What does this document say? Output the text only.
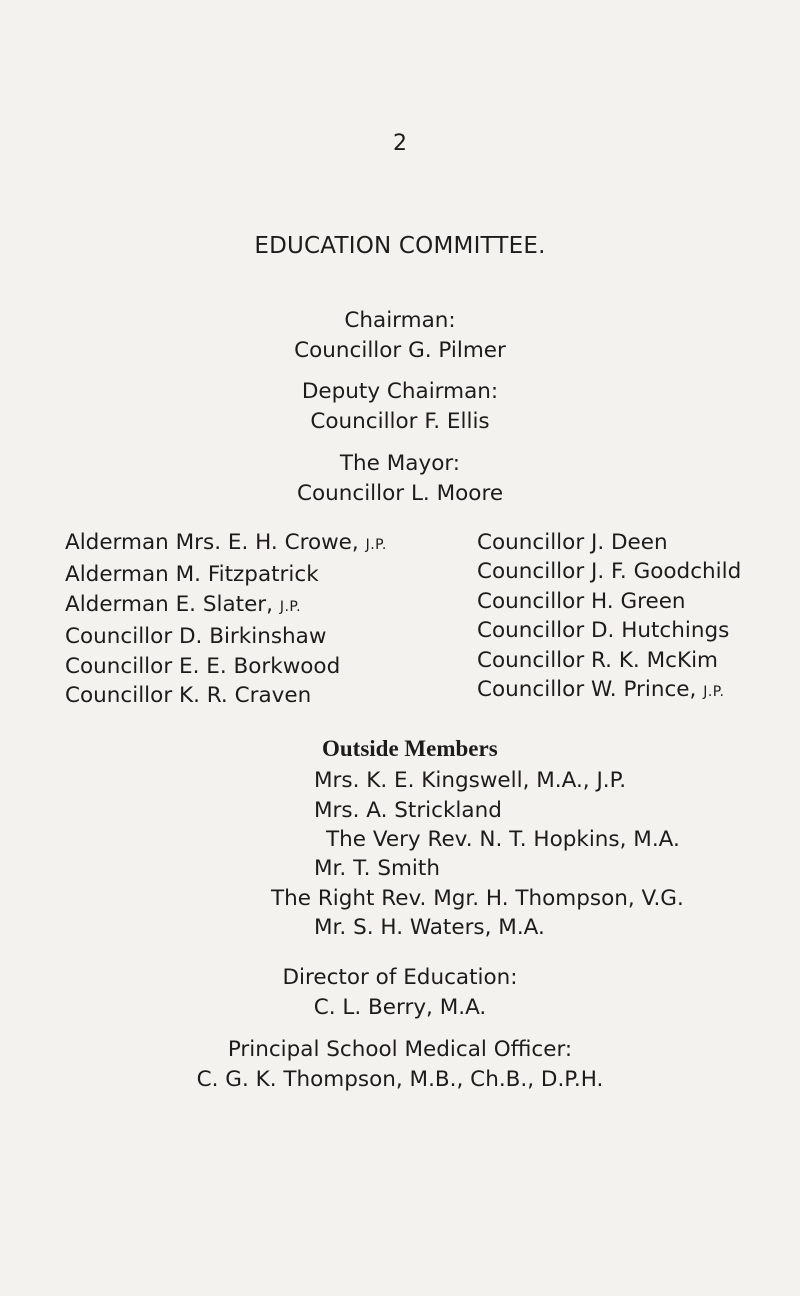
2

EDUCATION COMMITTEE.

Chairman:

Councillor G. Pilmer

Deputy Chairman:

Councillor F. Ellis

The Mayor:

Councillor L. Moore

Alderman Mrs. E. H. Crowe, J.P.
Alderman M. Fitzpatrick
Alderman E. Slater, J.P.
Councillor D. Birkinshaw
Councillor E. E. Borkwood
Councillor K. R. Craven
Councillor J. Deen
Councillor J. F. Goodchild
Councillor H. Green
Councillor D. Hutchings
Councillor R. K. McKim
Councillor W. Prince, J.P.
Outside Members
Mrs. K. E. Kingswell, M.A., J.P.
Mrs. A. Strickland
The Very Rev. N. T. Hopkins, M.A.
Mr. T. Smith
The Right Rev. Mgr. H. Thompson, V.G.
Mr. S. H. Waters, M.A.

Director of Education:

C. L. Berry, M.A.

Principal School Medical Officer:

C. G. K. Thompson, M.B., Ch.B., D.P.H.
